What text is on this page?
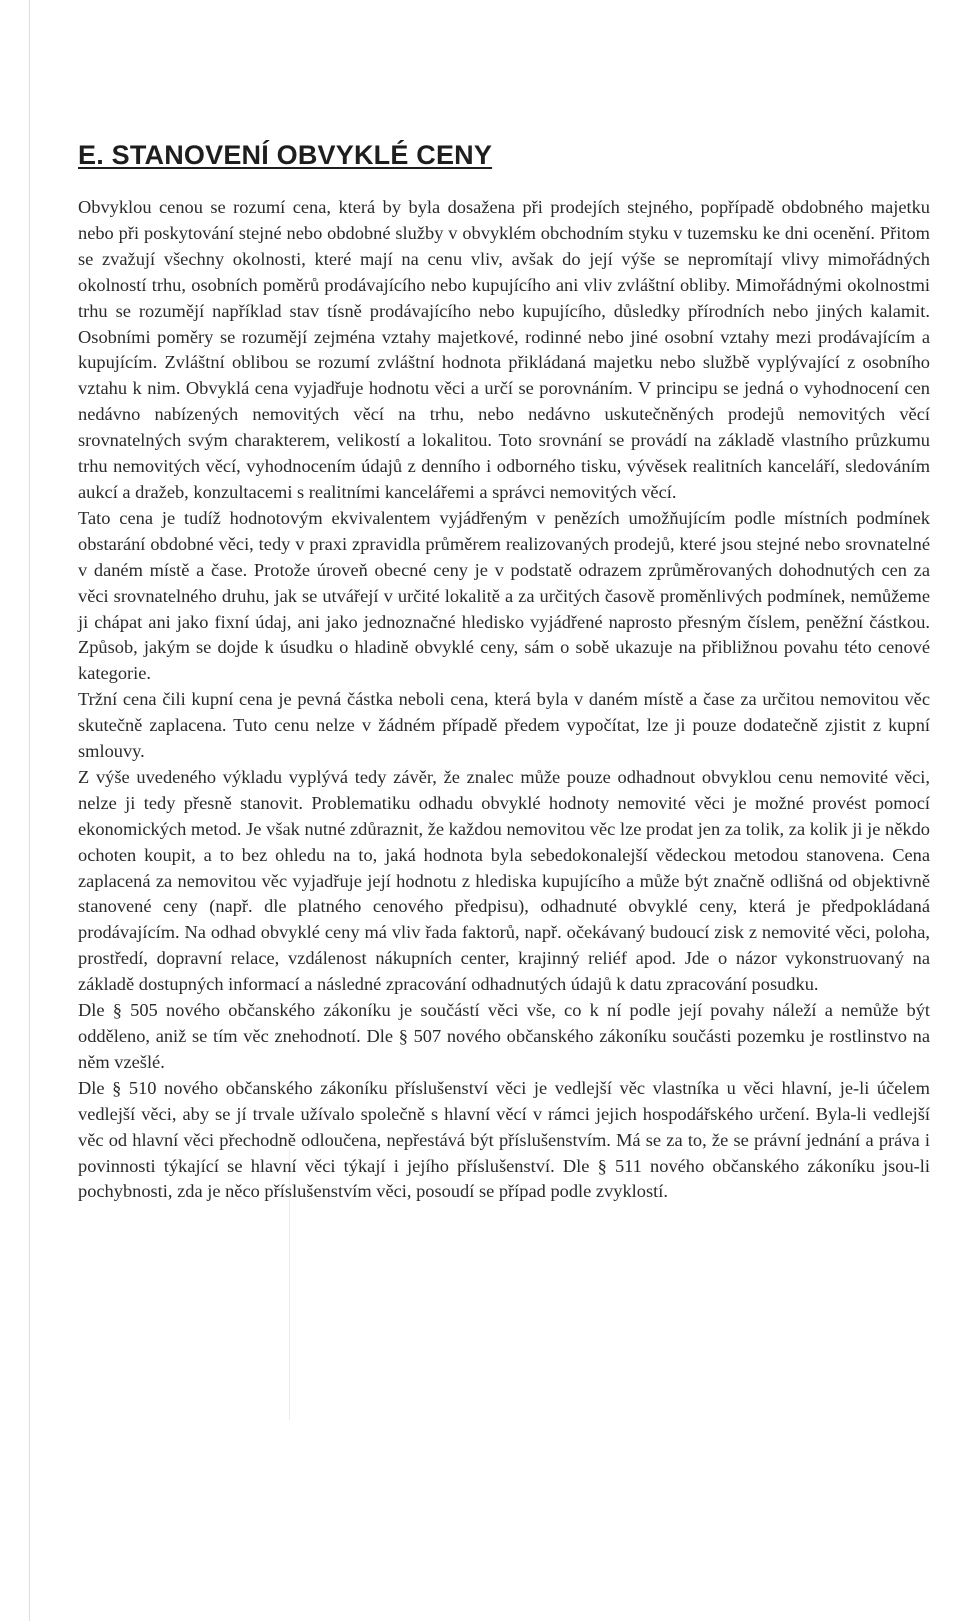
E. STANOVENÍ OBVYKLÉ CENY

Obvyklou cenou se rozumí cena, která by byla dosažena při prodejích stejného, popřípadě obdobného majetku nebo při poskytování stejné nebo obdobné služby v obvyklém obchodním styku v tuzemsku ke dni ocenění. Přitom se zvažují všechny okolnosti, které mají na cenu vliv, avšak do její výše se nepromítají vlivy mimořádných okolností trhu, osobních poměrů prodávajícího nebo kupujícího ani vliv zvláštní obliby. Mimořádnými okolnostmi trhu se rozumějí například stav tísně prodávajícího nebo kupujícího, důsledky přírodních nebo jiných kalamit. Osobními poměry se rozumějí zejména vztahy majetkové, rodinné nebo jiné osobní vztahy mezi prodávajícím a kupujícím. Zvláštní oblibou se rozumí zvláštní hodnota přikládaná majetku nebo službě vyplývající z osobního vztahu k nim. Obvyklá cena vyjadřuje hodnotu věci a určí se porovnáním. V principu se jedná o vyhodnocení cen nedávno nabízených nemovitých věcí na trhu, nebo nedávno uskutečněných prodejů nemovitých věcí srovnatelných svým charakterem, velikostí a lokalitou. Toto srovnání se provádí na základě vlastního průzkumu trhu nemovitých věcí, vyhodnocením údajů z denního i odborného tisku, vývěsek realitních kanceláří, sledováním aukcí a dražeb, konzultacemi s realitními kancelářemi a správci nemovitých věcí.

Tato cena je tudíž hodnotovým ekvivalentem vyjádřeným v penězích umožňujícím podle místních podmínek obstarání obdobné věci, tedy v praxi zpravidla průměrem realizovaných prodejů, které jsou stejné nebo srovnatelné v daném místě a čase. Protože úroveň obecné ceny je v podstatě odrazem zprůměrovaných dohodnutých cen za věci srovnatelného druhu, jak se utvářejí v určité lokalitě a za určitých časově proměnlivých podmínek, nemůžeme ji chápat ani jako fixní údaj, ani jako jednoznačné hledisko vyjádřené naprosto přesným číslem, peněžní částkou. Způsob, jakým se dojde k úsudku o hladině obvyklé ceny, sám o sobě ukazuje na přibližnou povahu této cenové kategorie.

Tržní cena čili kupní cena je pevná částka neboli cena, která byla v daném místě a čase za určitou nemovitou věc skutečně zaplacena. Tuto cenu nelze v žádném případě předem vypočítat, lze ji pouze dodatečně zjistit z kupní smlouvy.

Z výše uvedeného výkladu vyplývá tedy závěr, že znalec může pouze odhadnout obvyklou cenu nemovité věci, nelze ji tedy přesně stanovit. Problematiku odhadu obvyklé hodnoty nemovité věci je možné provést pomocí ekonomických metod. Je však nutné zdůraznit, že každou nemovitou věc lze prodat jen za tolik, za kolik ji je někdo ochoten koupit, a to bez ohledu na to, jaká hodnota byla sebedokonalejší vědeckou metodou stanovena. Cena zaplacená za nemovitou věc vyjadřuje její hodnotu z hlediska kupujícího a může být značně odlišná od objektivně stanovené ceny (např. dle platného cenového předpisu), odhadnuté obvyklé ceny, která je předpokládaná prodávajícím. Na odhad obvyklé ceny má vliv řada faktorů, např. očekávaný budoucí zisk z nemovité věci, poloha, prostředí, dopravní relace, vzdálenost nákupních center, krajinný reliéf apod. Jde o názor vykonstruovaný na základě dostupných informací a následné zpracování odhadnutých údajů k datu zpracování posudku.

Dle § 505 nového občanského zákoníku je součástí věci vše, co k ní podle její povahy náleží a nemůže být odděleno, aniž se tím věc znehodnotí. Dle § 507 nového občanského zákoníku součásti pozemku je rostlinstvo na něm vzešlé.

Dle § 510 nového občanského zákoníku příslušenství věci je vedlejší věc vlastníka u věci hlavní, je-li účelem vedlejší věci, aby se jí trvale užívalo společně s hlavní věcí v rámci jejich hospodářského určení. Byla-li vedlejší věc od hlavní věci přechodně odloučena, nepřestává být příslušenstvím. Má se za to, že se právní jednání a práva i povinnosti týkající se hlavní věci týkají i jejího příslušenství. Dle § 511 nového občanského zákoníku jsou-li pochybnosti, zda je něco příslušenstvím věci, posoudí se případ podle zvyklostí.
